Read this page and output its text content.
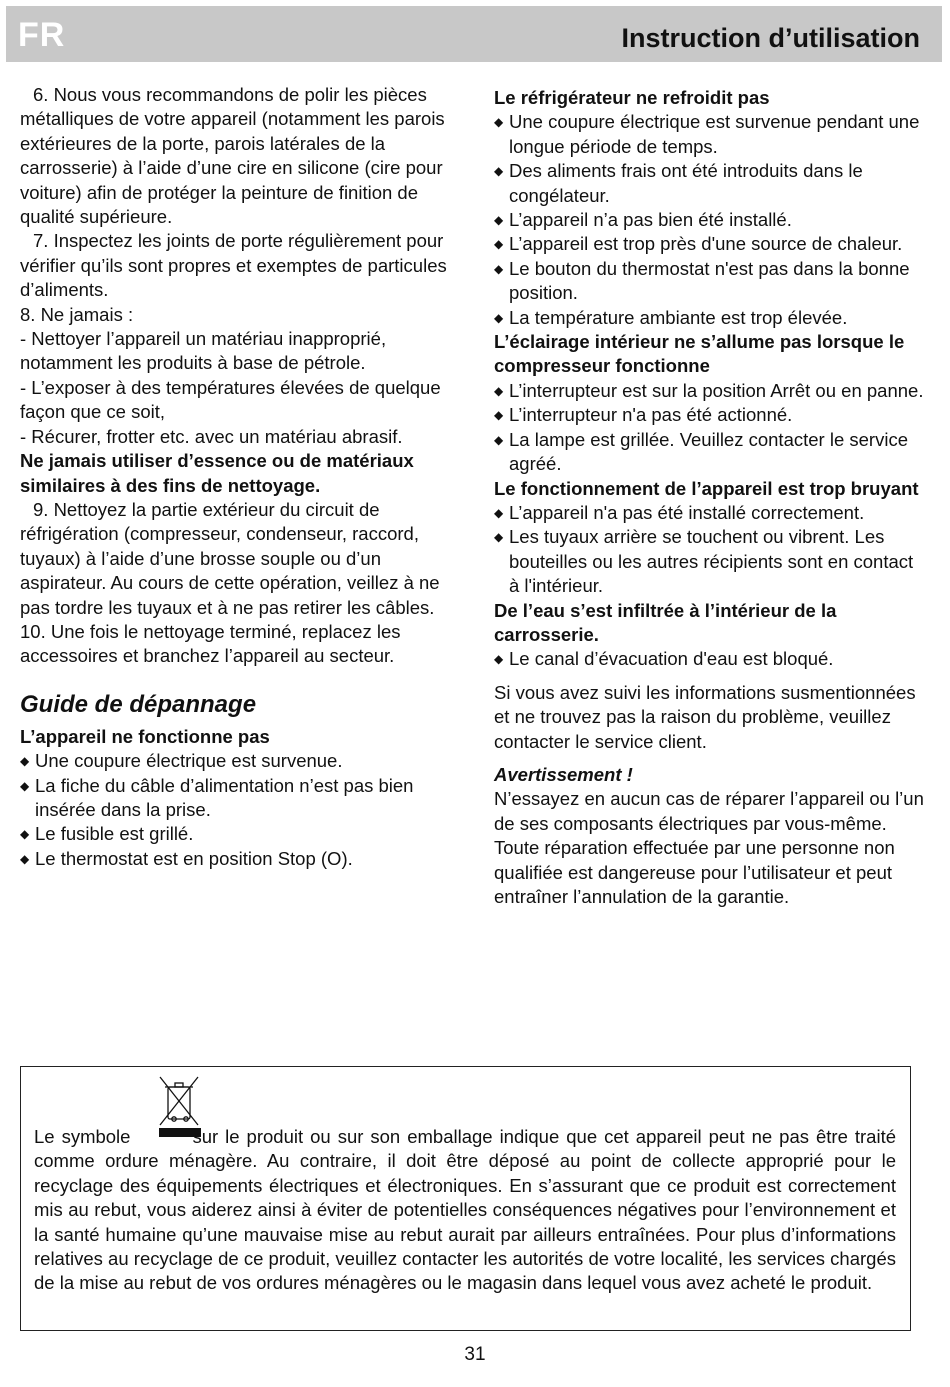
FR	Instruction d’utilisation

6. Nous vous recommandons de polir les pièces métalliques de votre appareil (notamment les parois extérieures de la porte, parois latérales de la carrosserie) à l’aide d’une cire en silicone (cire pour voiture) afin de protéger la peinture de finition de qualité supérieure.

7. Inspectez les joints de porte régulièrement pour vérifier qu’ils sont propres et exemptes de particules d’aliments.

8. Ne jamais :

- Nettoyer l’appareil un matériau inapproprié, notamment les produits à base de pétrole.

- L’exposer à des températures élevées de quelque façon que ce soit,

- Récurer, frotter etc. avec un matériau abrasif.

Ne jamais utiliser d’essence ou de matériaux similaires à des fins de nettoyage.

9. Nettoyez la partie extérieur du circuit de réfrigération (compresseur, condenseur, raccord, tuyaux) à l’aide d’une brosse souple ou d’un aspirateur. Au cours de cette opération, veillez à ne pas tordre les tuyaux et à ne pas retirer les câbles.

10. Une fois le nettoyage terminé, replacez les accessoires et branchez l’appareil au secteur.

Guide de dépannage

L’appareil ne fonctionne pas

◆ Une coupure électrique est survenue.

◆ La fiche du câble d’alimentation n’est pas bien insérée dans la prise.

◆ Le fusible est grillé.

◆ Le thermostat est en position Stop (O).

Le réfrigérateur ne refroidit pas

◆ Une coupure électrique est survenue pendant une longue période de temps.

◆ Des aliments frais ont été introduits dans le congélateur.

◆ L’appareil n’a pas bien été installé.

◆ L’appareil est trop près d'une source de chaleur.

◆ Le bouton du thermostat n'est pas dans la bonne position.

◆ La température ambiante est trop élevée.

L’éclairage intérieur ne s’allume pas lorsque le compresseur fonctionne

◆ L’interrupteur est sur la position Arrêt ou en panne.

◆ L’interrupteur n'a pas été actionné.

◆ La lampe est grillée. Veuillez contacter le service agréé.

Le fonctionnement de l’appareil est trop bruyant

◆ L’appareil n'a pas été installé correctement.

◆ Les tuyaux arrière se touchent ou vibrent. Les bouteilles ou les autres récipients sont en contact à l'intérieur.

De l’eau s’est infiltrée à l’intérieur de la carrosserie.

◆ Le canal d’évacuation d'eau est bloqué.

Si vous avez suivi les informations susmentionnées et ne trouvez pas la raison du problème, veuillez contacter le service client.

Avertissement !

N’essayez en aucun cas de réparer l’appareil ou l’un de ses composants électriques par vous-même. Toute réparation effectuée par une personne non qualifiée est dangereuse pour l’utilisateur et peut entraîner l’annulation de la garantie.

Le symbole	sur le produit ou sur son emballage indique que cet appareil peut ne pas être traité comme ordure ménagère. Au contraire, il doit être déposé au point de collecte approprié pour le recyclage des équipements électriques et électroniques. En s’assurant que ce produit est correctement mis au rebut, vous aiderez ainsi à éviter de potentielles conséquences négatives pour l’environnement et la santé humaine qu’une mauvaise mise au rebut aurait par ailleurs entraînées. Pour plus d’informations relatives au recyclage de ce produit, veuillez contacter les autorités de votre localité, les services chargés de la mise au rebut de vos ordures ménagères ou le magasin dans lequel vous avez acheté le produit.
31
